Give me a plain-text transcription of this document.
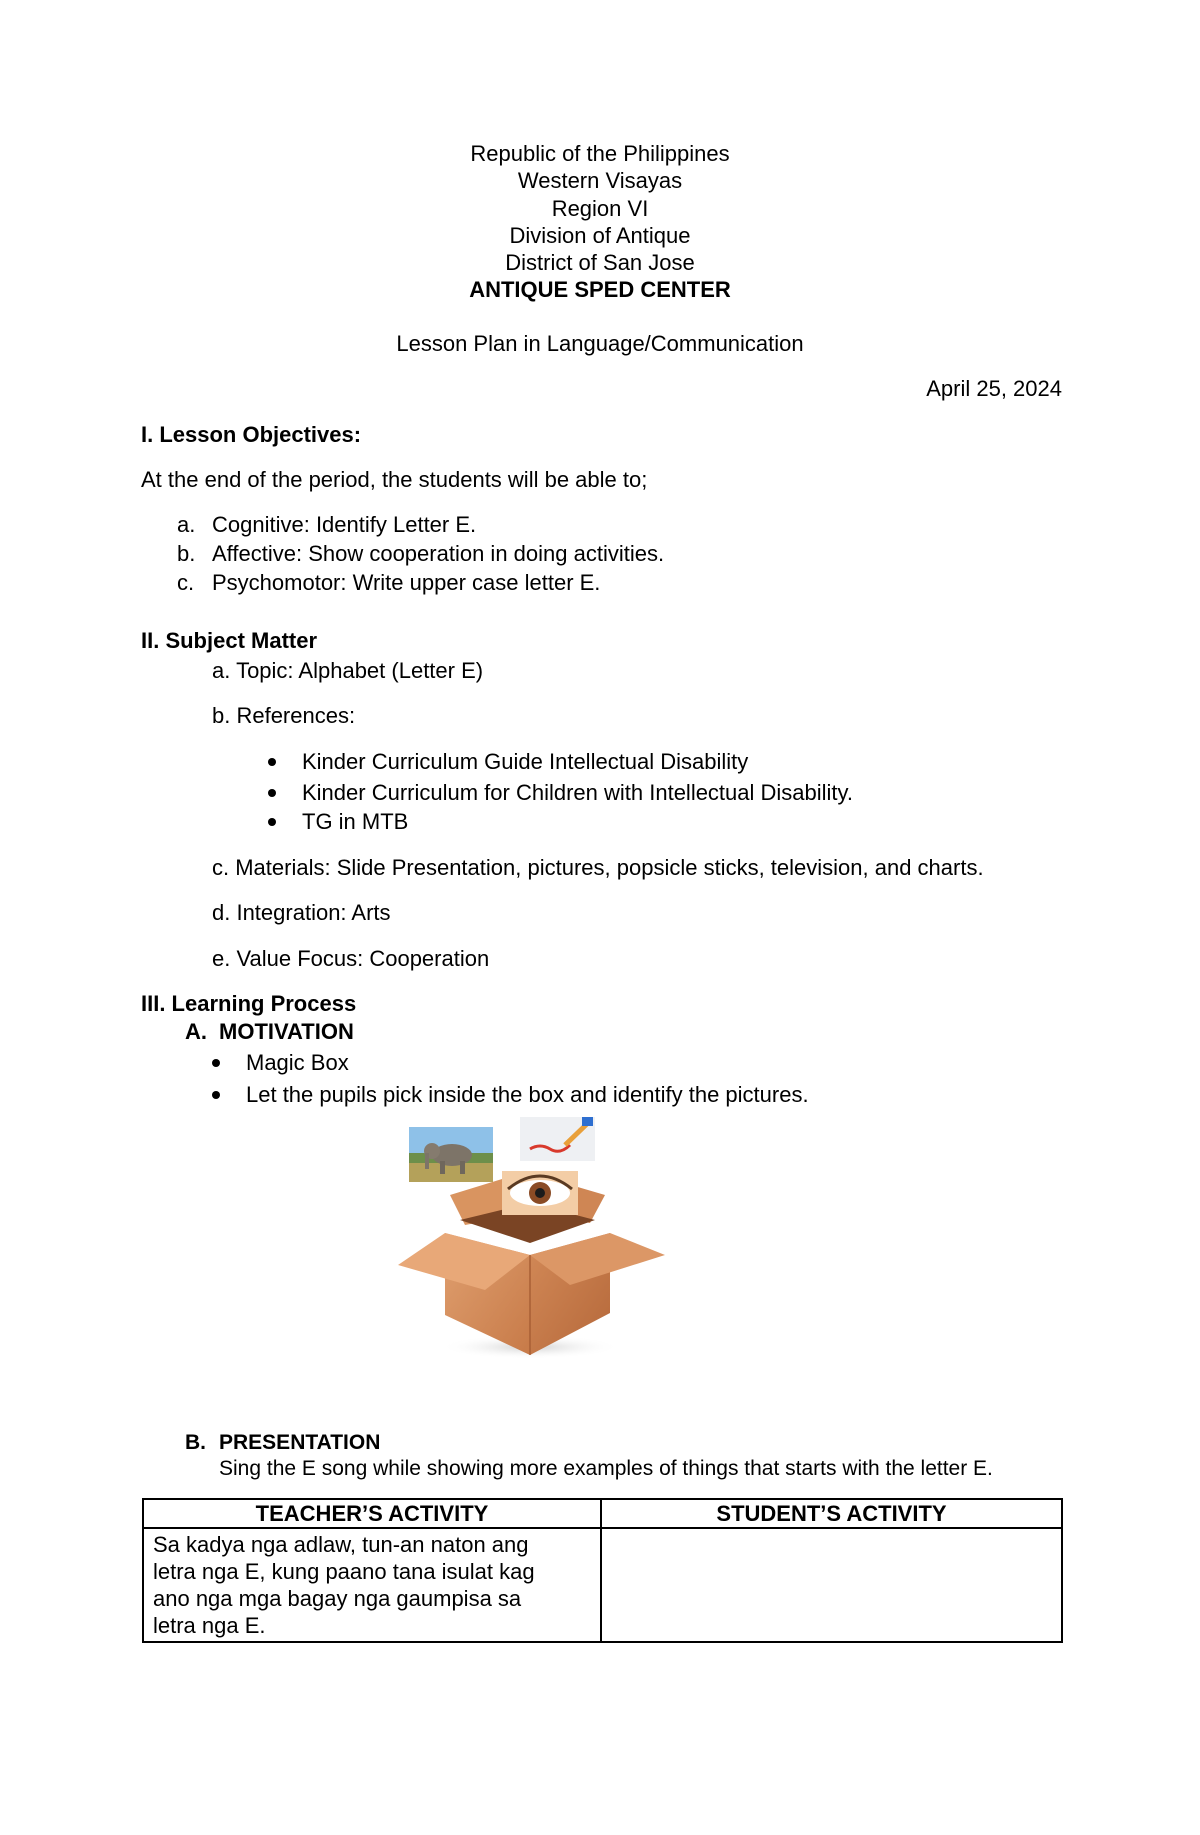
Republic of the Philippines
Western Visayas
Region VI
Division of Antique
District of San Jose
ANTIQUE SPED CENTER
Lesson Plan in Language/Communication
April 25, 2024
I. Lesson Objectives:
At the end of the period, the students will be able to;
a. Cognitive: Identify Letter E.
b. Affective: Show cooperation in doing activities.
c. Psychomotor: Write upper case letter E.
II. Subject Matter
a. Topic: Alphabet (Letter E)
b. References:
Kinder Curriculum Guide Intellectual Disability
Kinder Curriculum for Children with Intellectual Disability.
TG in MTB
c. Materials: Slide Presentation, pictures, popsicle sticks, television, and charts.
d. Integration: Arts
e. Value Focus: Cooperation
III. Learning Process
A. MOTIVATION
Magic Box
Let the pupils pick inside the box and identify the pictures.
B. PRESENTATION
Sing the E song while showing more examples of things that starts with the letter E.
TEACHER’S ACTIVITY	STUDENT’S ACTIVITY

Sa kadya nga adlaw, tun-an naton ang
letra nga E, kung paano tana isulat kag
ano nga mga bagay nga gaumpisa sa
letra nga E.	
